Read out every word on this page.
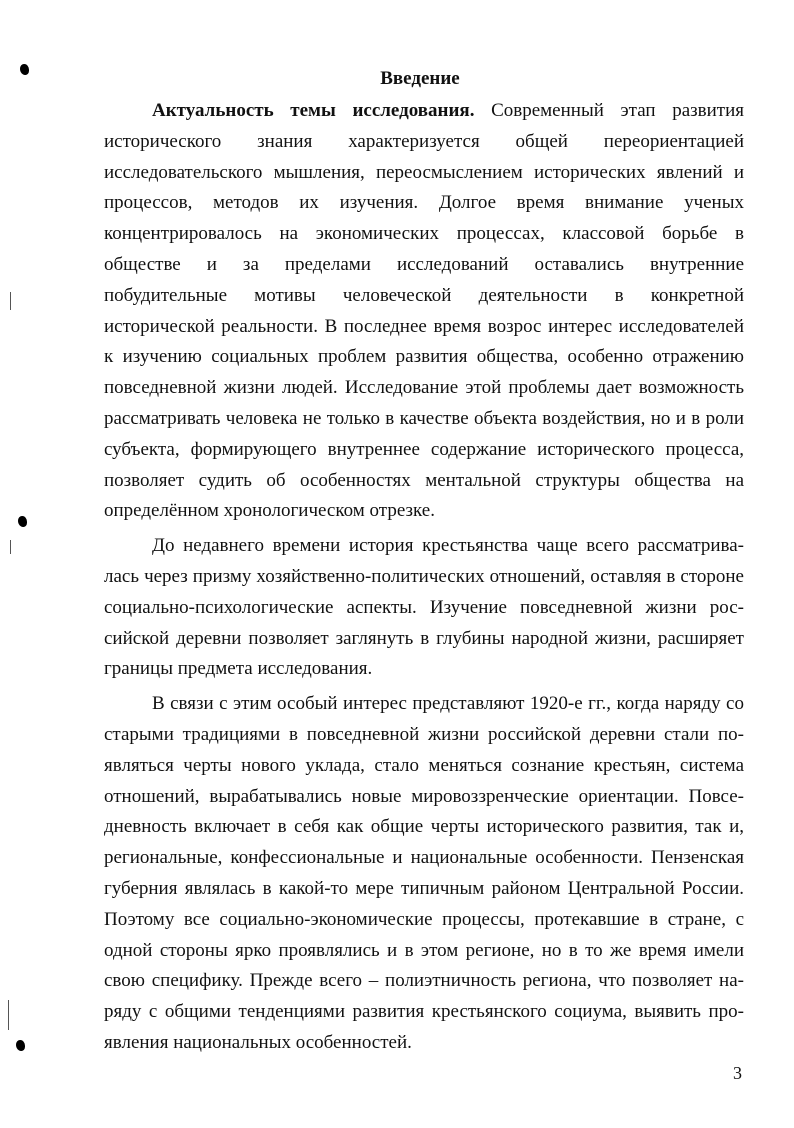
Введение

Актуальность темы исследования. Современный этап развития исторического знания характеризуется общей переориентацией исследовательского мышления, переосмыслением исторических явлений и процессов, методов их изучения. Долгое время внимание ученых концентрировалось на экономических процессах, классовой борьбе в обществе и за пределами исследований оставались внутренние побудительные мотивы человеческой деятельности в конкретной исторической реальности. В последнее время возрос интерес исследователей к изучению социальных проблем развития общества, особенно отражению повседневной жизни людей. Исследование этой проблемы дает возможность рассматривать человека не только в качестве объекта воздействия, но и в роли субъекта, формирующего внутреннее содержание исторического процесса, позволяет судить об особенностях ментальной структуры общества на определённом хронологическом отрезке.

До недавнего времени история крестьянства чаще всего рассматривалась через призму хозяйственно-политических отношений, оставляя в стороне социально-психологические аспекты. Изучение повседневной жизни российской деревни позволяет заглянуть в глубины народной жизни, расширяет границы предмета исследования.

В связи с этим особый интерес представляют 1920-е гг., когда наряду со старыми традициями в повседневной жизни российской деревни стали появляться черты нового уклада, стало меняться сознание крестьян, система отношений, вырабатывались новые мировоззренческие ориентации. Повседневность включает в себя как общие черты исторического развития, так и, региональные, конфессиональные и национальные особенности. Пензенская губерния являлась в какой-то мере типичным районом Центральной России. Поэтому все социально-экономические процессы, протекавшие в стране, с одной стороны ярко проявлялись и в этом регионе, но в то же время имели свою специфику. Прежде всего – полиэтничность региона, что позволяет наряду с общими тенденциями развития крестьянского социума, выявить проявления национальных особенностей.

3
